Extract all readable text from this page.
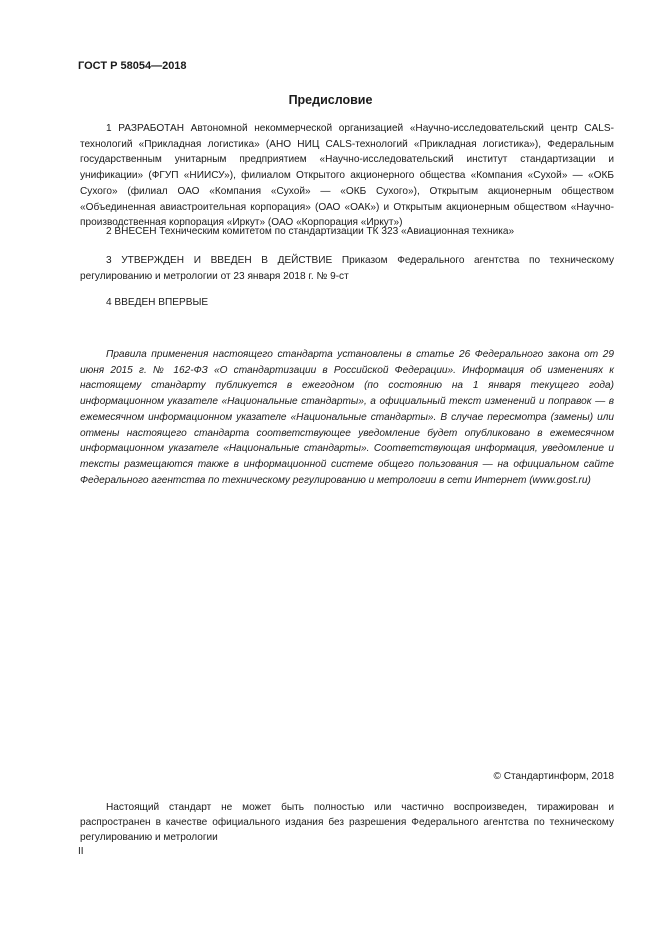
ГОСТ Р 58054—2018
Предисловие
1 РАЗРАБОТАН Автономной некоммерческой организацией «Научно-исследовательский центр CALS-технологий «Прикладная логистика» (АНО НИЦ CALS-технологий «Прикладная логистика»), Федеральным государственным унитарным предприятием «Научно-исследовательский институт стандартизации и унификации» (ФГУП «НИИСУ»), филиалом Открытого акционерного общества «Компания «Сухой» — «ОКБ Сухого» (филиал ОАО «Компания «Сухой» — «ОКБ Сухого»), Открытым акционерным обществом «Объединенная авиастроительная корпорация» (ОАО «ОАК») и Открытым акционерным обществом «Научно-производственная корпорация «Иркут» (ОАО «Корпорация «Иркут»)
2 ВНЕСЕН Техническим комитетом по стандартизации ТК 323 «Авиационная техника»
3 УТВЕРЖДЕН И ВВЕДЕН В ДЕЙСТВИЕ Приказом Федерального агентства по техническому регулированию и метрологии от 23 января 2018 г. № 9-ст
4 ВВЕДЕН ВПЕРВЫЕ
Правила применения настоящего стандарта установлены в статье 26 Федерального закона от 29 июня 2015 г. № 162-ФЗ «О стандартизации в Российской Федерации». Информация об изменениях к настоящему стандарту публикуется в ежегодном (по состоянию на 1 января текущего года) информационном указателе «Национальные стандарты», а официальный текст изменений и поправок — в ежемесячном информационном указателе «Национальные стандарты». В случае пересмотра (замены) или отмены настоящего стандарта соответствующее уведомление будет опубликовано в ежемесячном информационном указателе «Национальные стандарты». Соответствующая информация, уведомление и тексты размещаются также в информационной системе общего пользования — на официальном сайте Федерального агентства по техническому регулированию и метрологии в сети Интернет (www.gost.ru)
© Стандартинформ, 2018
Настоящий стандарт не может быть полностью или частично воспроизведен, тиражирован и распространен в качестве официального издания без разрешения Федерального агентства по техническому регулированию и метрологии
II
